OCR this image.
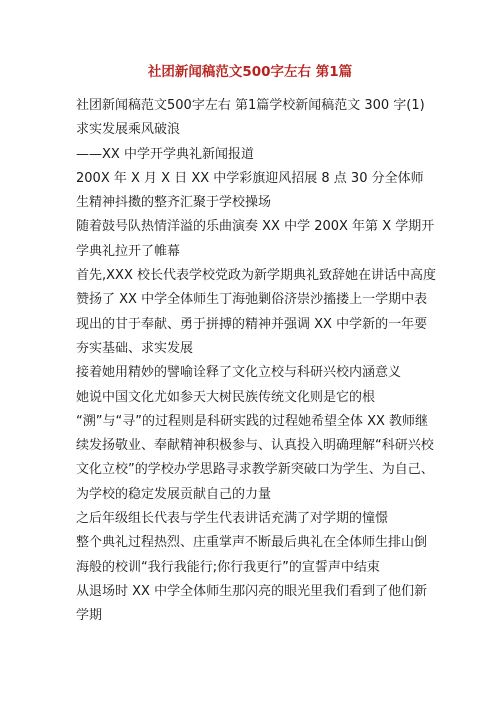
社团新闻稿范文500字左右 第1篇

社团新闻稿范文500字左右 第1篇学校新闻稿范文 300 字(1)

求实发展乘风破浪

——XX 中学开学典礼新闻报道

200X 年 X 月 X 日 XX 中学彩旗迎风招展 8 点 30 分全体师生精神抖擞的整齐汇聚于学校操场

随着鼓号队热情洋溢的乐曲演奏 XX 中学 200X 年第 X 学期开学典礼拉开了帷幕

首先,XXX 校长代表学校党政为新学期典礼致辞她在讲话中高度赞扬了 XX 中学全体师生丁海弛剿俗济崇沙搐搂上一学期中表现出的甘于奉献、勇于拼搏的精神并强调 XX 中学新的一年要夯实基础、求实发展

接着她用精妙的譬喻诠释了文化立校与科研兴校内涵意义

她说中国文化尤如参天大树民族传统文化则是它的根

“溯”与“寻”的过程则是科研实践的过程她希望全体 XX 教师继续发扬敬业、奉献精神积极参与、认真投入明确理解“科研兴校文化立校”的学校办学思路寻求教学新突破口为学生、为自己、为学校的稳定发展贡献自己的力量

之后年级组长代表与学生代表讲话充满了对学期的憧憬

整个典礼过程热烈、庄重掌声不断最后典礼在全体师生排山倒海般的校训“我行我能行;你行我更行”的宣誓声中结束

从退场时 XX 中学全体师生那闪亮的眼光里我们看到了他们新学期
